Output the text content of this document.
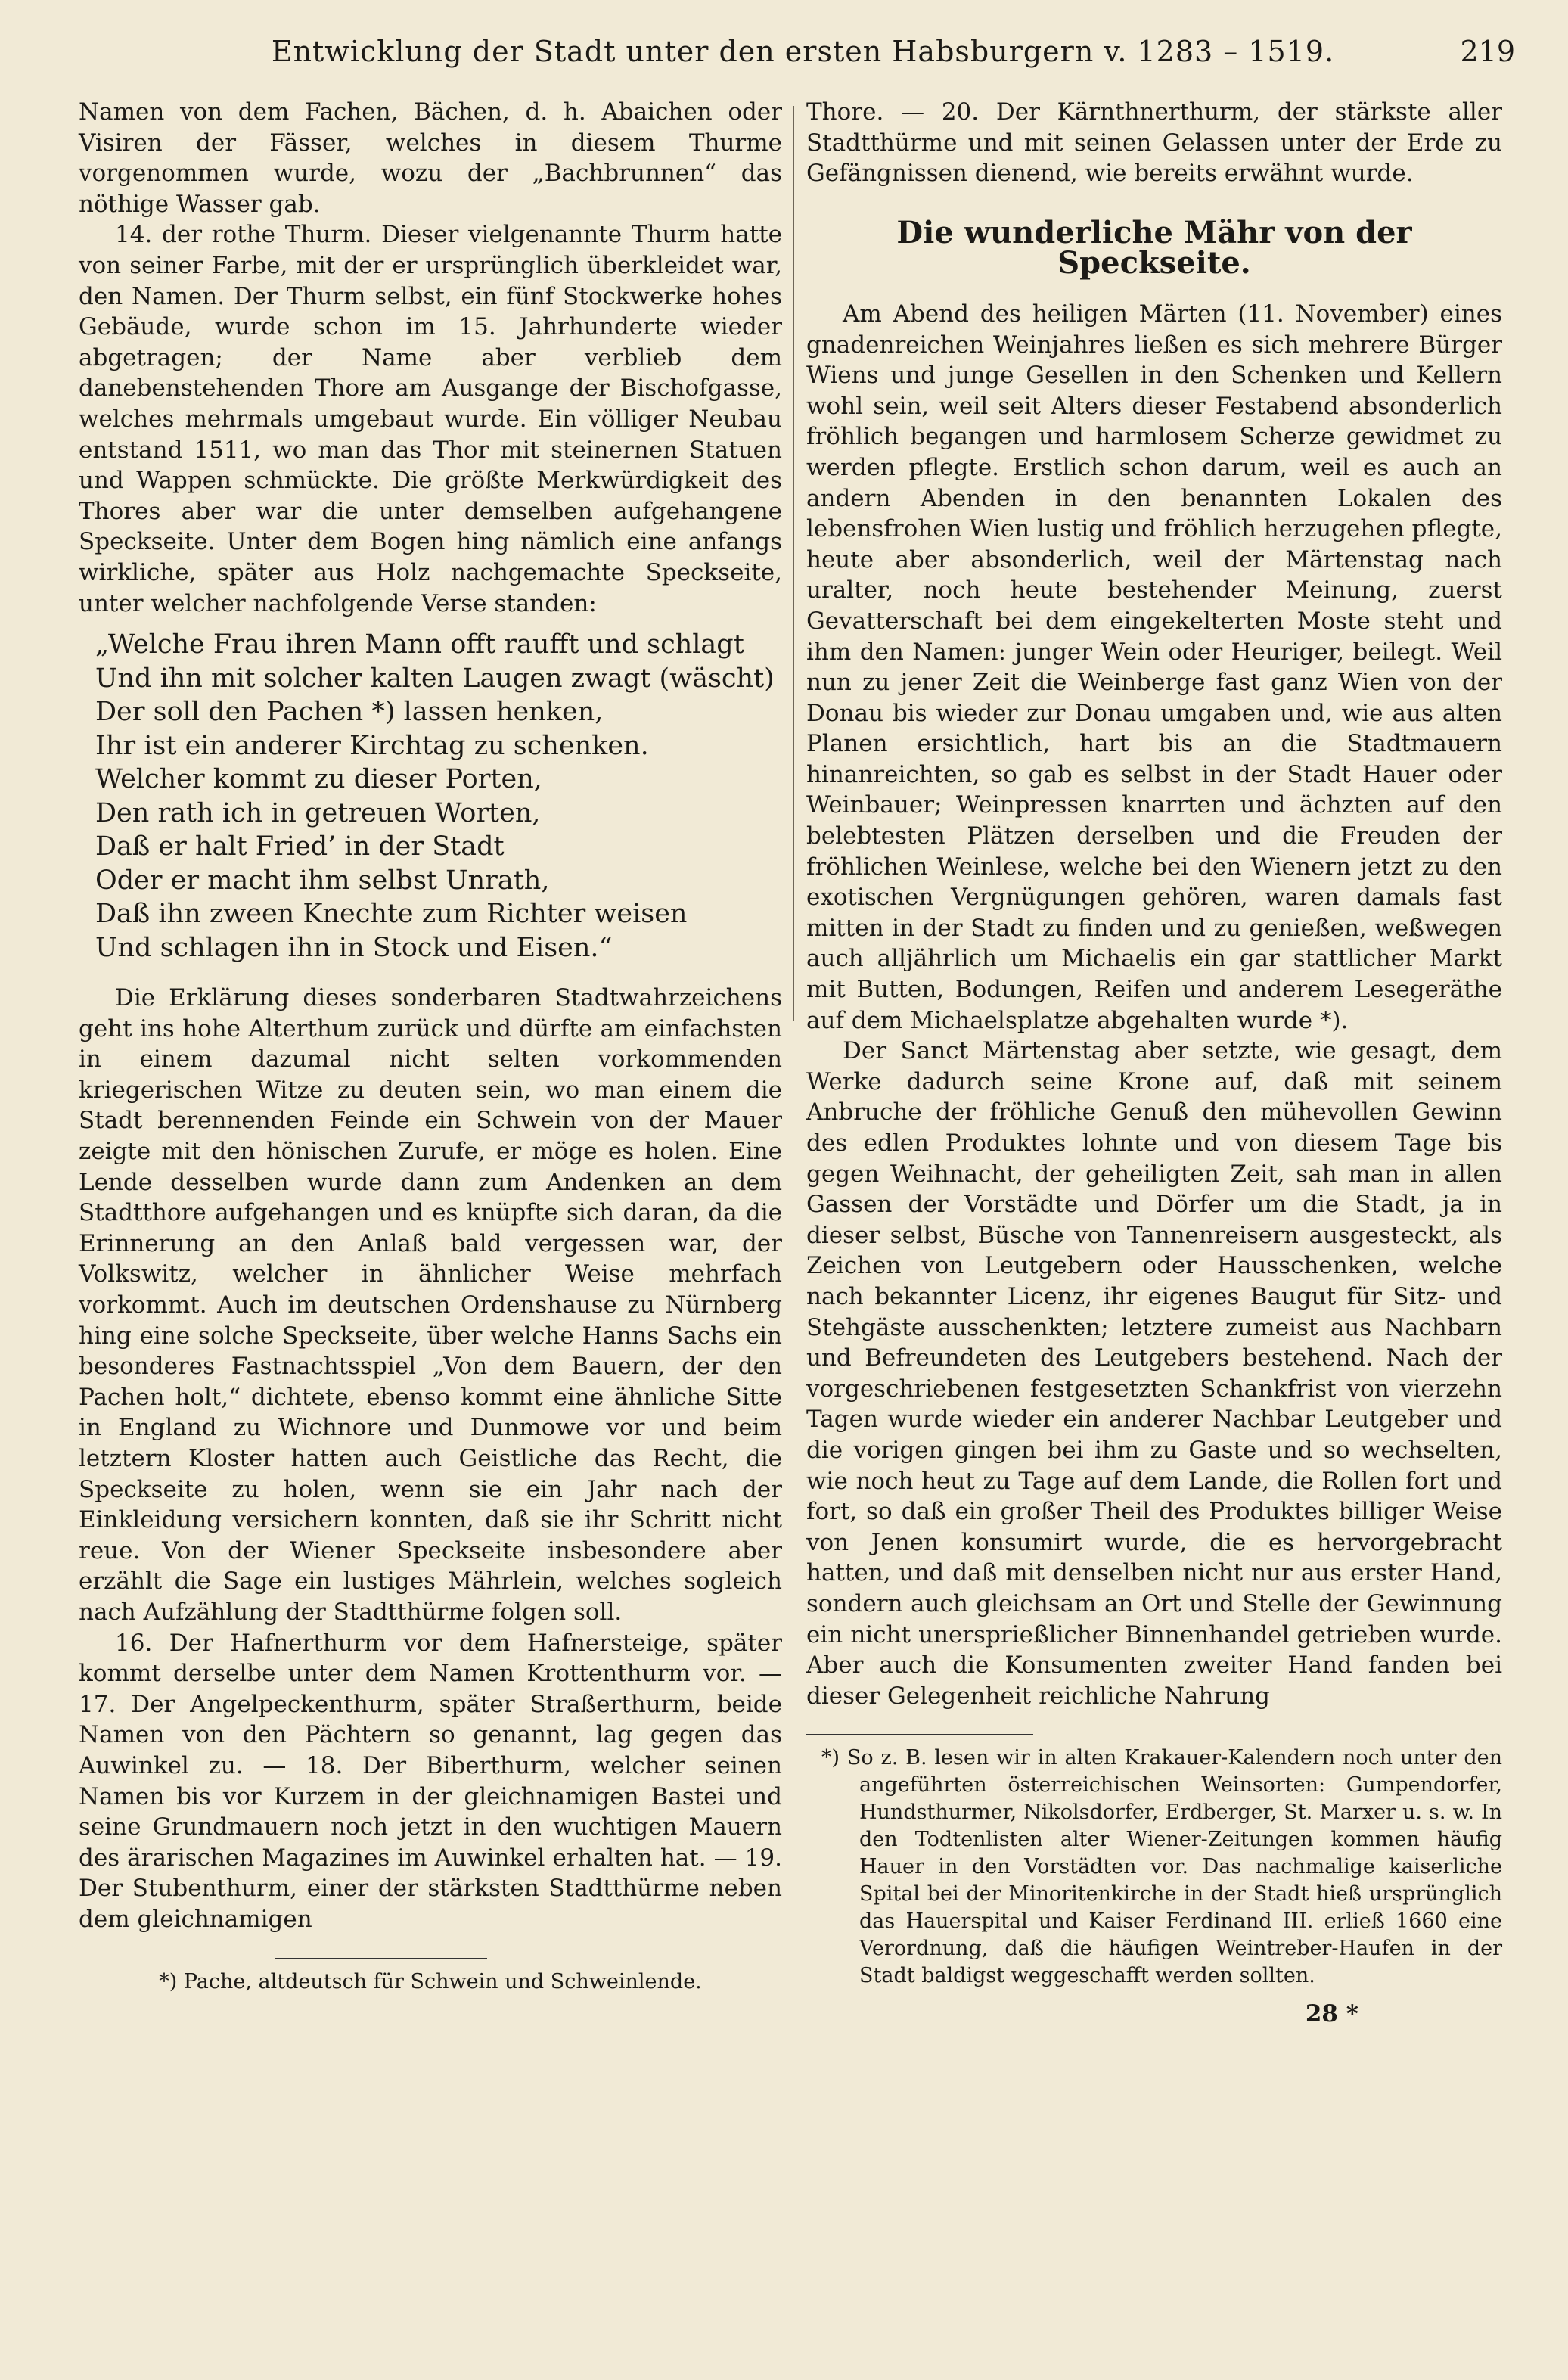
Entwicklung der Stadt unter den ersten Habsburgern v. 1283 – 1519.	219

Namen von dem Fachen, Bächen, d. h. Abaichen oder Visiren der Fässer, welches in diesem Thurme vorgenommen wurde, wozu der „Bachbrunnen“ das nöthige Wasser gab.

14. der rothe Thurm. Dieser vielgenannte Thurm hatte von seiner Farbe, mit der er ursprünglich überkleidet war, den Namen. Der Thurm selbst, ein fünf Stockwerke hohes Gebäude, wurde schon im 15. Jahrhunderte wieder abgetragen; der Name aber verblieb dem danebenstehenden Thore am Ausgange der Bischofgasse, welches mehrmals umgebaut wurde. Ein völliger Neubau entstand 1511, wo man das Thor mit steinernen Statuen und Wappen schmückte. Die größte Merkwürdigkeit des Thores aber war die unter demselben aufgehangene Speckseite. Unter dem Bogen hing nämlich eine anfangs wirkliche, später aus Holz nachgemachte Speckseite, unter welcher nachfolgende Verse standen:

„Welche Frau ihren Mann offt raufft und schlagt
Und ihn mit solcher kalten Laugen zwagt (wäscht)
Der soll den Pachen *) lassen henken,
Ihr ist ein anderer Kirchtag zu schenken.
Welcher kommt zu dieser Porten,
Den rath ich in getreuen Worten,
Daß er halt Fried’ in der Stadt
Oder er macht ihm selbst Unrath,
Daß ihn zween Knechte zum Richter weisen
Und schlagen ihn in Stock und Eisen.“

Die Erklärung dieses sonderbaren Stadtwahrzeichens geht ins hohe Alterthum zurück und dürfte am einfachsten in einem dazumal nicht selten vorkommenden kriegerischen Witze zu deuten sein, wo man einem die Stadt berennenden Feinde ein Schwein von der Mauer zeigte mit den hönischen Zurufe, er möge es holen. Eine Lende desselben wurde dann zum Andenken an dem Stadtthore aufgehangen und es knüpfte sich daran, da die Erinnerung an den Anlaß bald vergessen war, der Volkswitz, welcher in ähnlicher Weise mehrfach vorkommt. Auch im deutschen Ordenshause zu Nürnberg hing eine solche Speckseite, über welche Hanns Sachs ein besonderes Fastnachtsspiel „Von dem Bauern, der den Pachen holt,“ dichtete, ebenso kommt eine ähnliche Sitte in England zu Wichnore und Dunmowe vor und beim letztern Kloster hatten auch Geistliche das Recht, die Speckseite zu holen, wenn sie ein Jahr nach der Einkleidung versichern konnten, daß sie ihr Schritt nicht reue. Von der Wiener Speckseite insbesondere aber erzählt die Sage ein lustiges Mährlein, welches sogleich nach Aufzählung der Stadtthürme folgen soll.

16. Der Hafnerthurm vor dem Hafnersteige, später kommt derselbe unter dem Namen Krottenthurm vor. — 17. Der Angelpeckenthurm, später Straßerthurm, beide Namen von den Pächtern so genannt, lag gegen das Auwinkel zu. — 18. Der Biberthurm, welcher seinen Namen bis vor Kurzem in der gleichnamigen Bastei und seine Grundmauern noch jetzt in den wuchtigen Mauern des ärarischen Magazines im Auwinkel erhalten hat. — 19. Der Stubenthurm, einer der stärksten Stadtthürme neben dem gleichnamigen

*) Pache, altdeutsch für Schwein und Schweinlende.

Thore. — 20. Der Kärnthnerthurm, der stärkste aller Stadtthürme und mit seinen Gelassen unter der Erde zu Gefängnissen dienend, wie bereits erwähnt wurde.

Die wunderliche Mähr von der Speckseite.

Am Abend des heiligen Märten (11. November) eines gnadenreichen Weinjahres ließen es sich mehrere Bürger Wiens und junge Gesellen in den Schenken und Kellern wohl sein, weil seit Alters dieser Festabend absonderlich fröhlich begangen und harmlosem Scherze gewidmet zu werden pflegte. Erstlich schon darum, weil es auch an andern Abenden in den benannten Lokalen des lebensfrohen Wien lustig und fröhlich herzugehen pflegte, heute aber absonderlich, weil der Märtenstag nach uralter, noch heute bestehender Meinung, zuerst Gevatterschaft bei dem eingekelterten Moste steht und ihm den Namen: junger Wein oder Heuriger, beilegt. Weil nun zu jener Zeit die Weinberge fast ganz Wien von der Donau bis wieder zur Donau umgaben und, wie aus alten Planen ersichtlich, hart bis an die Stadtmauern hinanreichten, so gab es selbst in der Stadt Hauer oder Weinbauer; Weinpressen knarrten und ächzten auf den belebtesten Plätzen derselben und die Freuden der fröhlichen Weinlese, welche bei den Wienern jetzt zu den exotischen Vergnügungen gehören, waren damals fast mitten in der Stadt zu finden und zu genießen, weßwegen auch alljährlich um Michaelis ein gar stattlicher Markt mit Butten, Bodungen, Reifen und anderem Lesegeräthe auf dem Michaelsplatze abgehalten wurde *).

Der Sanct Märtenstag aber setzte, wie gesagt, dem Werke dadurch seine Krone auf, daß mit seinem Anbruche der fröhliche Genuß den mühevollen Gewinn des edlen Produktes lohnte und von diesem Tage bis gegen Weihnacht, der geheiligten Zeit, sah man in allen Gassen der Vorstädte und Dörfer um die Stadt, ja in dieser selbst, Büsche von Tannenreisern ausgesteckt, als Zeichen von Leutgebern oder Hausschenken, welche nach bekannter Licenz, ihr eigenes Baugut für Sitz- und Stehgäste ausschenkten; letztere zumeist aus Nachbarn und Befreundeten des Leutgebers bestehend. Nach der vorgeschriebenen festgesetzten Schankfrist von vierzehn Tagen wurde wieder ein anderer Nachbar Leutgeber und die vorigen gingen bei ihm zu Gaste und so wechselten, wie noch heut zu Tage auf dem Lande, die Rollen fort und fort, so daß ein großer Theil des Produktes billiger Weise von Jenen konsumirt wurde, die es hervorgebracht hatten, und daß mit denselben nicht nur aus erster Hand, sondern auch gleichsam an Ort und Stelle der Gewinnung ein nicht unersprießlicher Binnenhandel getrieben wurde. Aber auch die Konsumenten zweiter Hand fanden bei dieser Gelegenheit reichliche Nahrung

*) So z. B. lesen wir in alten Krakauer-Kalendern noch unter den angeführten österreichischen Weinsorten: Gumpendorfer, Hundsthurmer, Nikolsdorfer, Erdberger, St. Marxer u. s. w. In den Todtenlisten alter Wiener-Zeitungen kommen häufig Hauer in den Vorstädten vor. Das nachmalige kaiserliche Spital bei der Minoritenkirche in der Stadt hieß ursprünglich das Hauerspital und Kaiser Ferdinand III. erließ 1660 eine Verordnung, daß die häufigen Weintreber-Haufen in der Stadt baldigst weggeschafft werden sollten.
28 *
